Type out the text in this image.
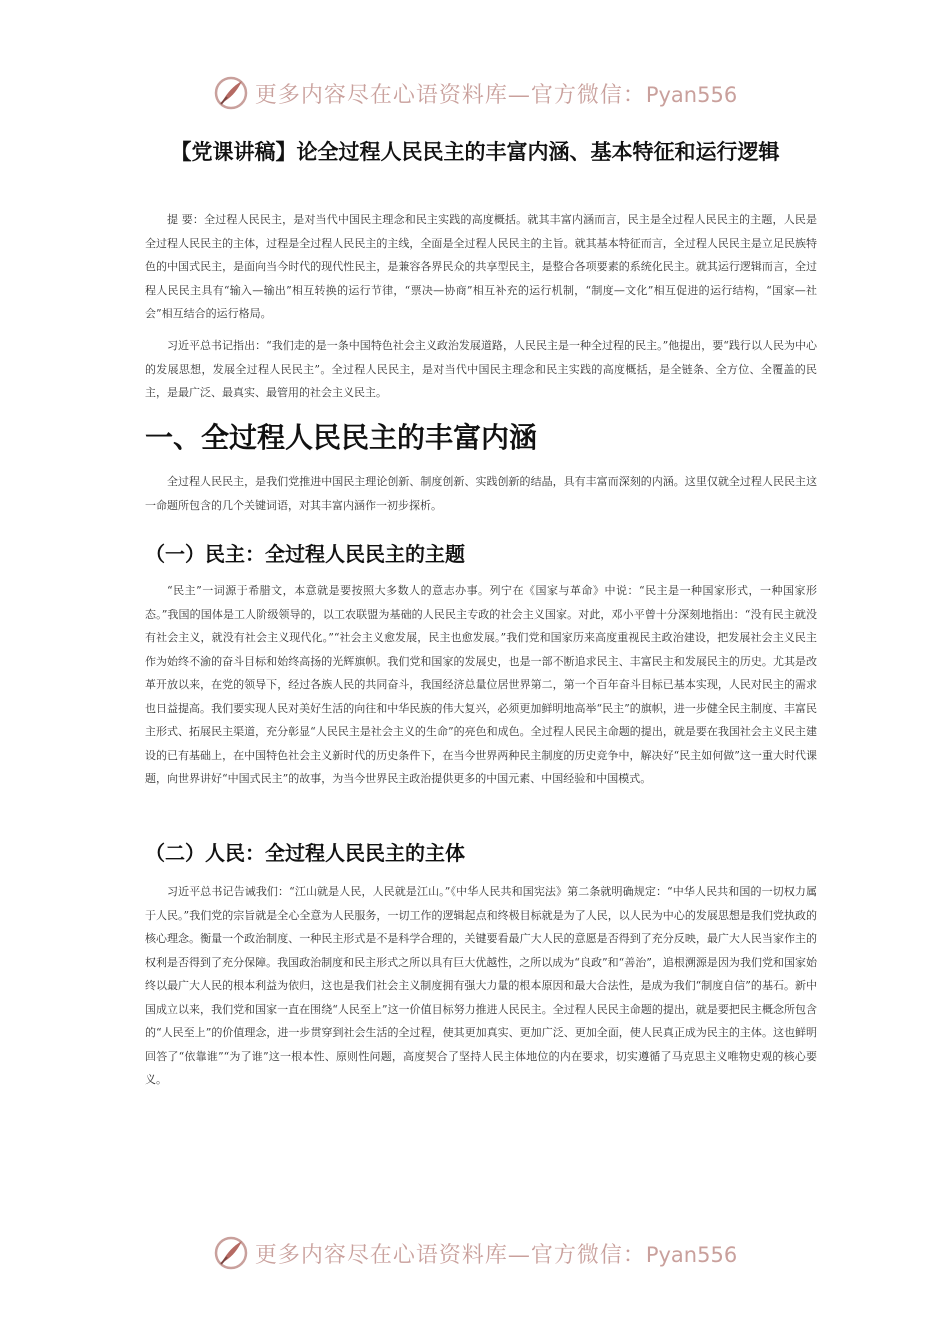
更多内容尽在心语资料库—官方微信：Pyan556
【党课讲稿】论全过程人民民主的丰富内涵、基本特征和运行逻辑

提 要：全过程人民民主，是对当代中国民主理念和民主实践的高度概括。就其丰富内涵而言，民主是全过程人民民主的主题，人民是全过程人民民主的主体，过程是全过程人民民主的主线，全面是全过程人民民主的主旨。就其基本特征而言，全过程人民民主是立足民族特色的中国式民主，是面向当今时代的现代性民主，是兼容各界民众的共享型民主，是整合各项要素的系统化民主。就其运行逻辑而言，全过程人民民主具有“输入—输出”相互转换的运行节律，“票决—协商”相互补充的运行机制，“制度—文化”相互促进的运行结构，“国家—社会”相互结合的运行格局。

习近平总书记指出：“我们走的是一条中国特色社会主义政治发展道路，人民民主是一种全过程的民主。”他提出，要“践行以人民为中心的发展思想，发展全过程人民民主”。全过程人民民主，是对当代中国民主理念和民主实践的高度概括，是全链条、全方位、全覆盖的民主，是最广泛、最真实、最管用的社会主义民主。

一、全过程人民民主的丰富内涵

全过程人民民主，是我们党推进中国民主理论创新、制度创新、实践创新的结晶，具有丰富而深刻的内涵。这里仅就全过程人民民主这一命题所包含的几个关键词语，对其丰富内涵作一初步探析。

（一）民主：全过程人民民主的主题

“民主”一词源于希腊文，本意就是要按照大多数人的意志办事。列宁在《国家与革命》中说：“民主是一种国家形式，一种国家形态。”我国的国体是工人阶级领导的，以工农联盟为基础的人民民主专政的社会主义国家。对此，邓小平曾十分深刻地指出：“没有民主就没有社会主义，就没有社会主义现代化。”“社会主义愈发展，民主也愈发展。”我们党和国家历来高度重视民主政治建设，把发展社会主义民主作为始终不渝的奋斗目标和始终高扬的光辉旗帜。我们党和国家的发展史，也是一部不断追求民主、丰富民主和发展民主的历史。尤其是改革开放以来，在党的领导下，经过各族人民的共同奋斗，我国经济总量位居世界第二，第一个百年奋斗目标已基本实现，人民对民主的需求也日益提高。我们要实现人民对美好生活的向往和中华民族的伟大复兴，必须更加鲜明地高举“民主”的旗帜，进一步健全民主制度、丰富民主形式、拓展民主渠道，充分彰显“人民民主是社会主义的生命”的亮色和成色。全过程人民民主命题的提出，就是要在我国社会主义民主建设的已有基础上，在中国特色社会主义新时代的历史条件下，在当今世界两种民主制度的历史竞争中，解决好“民主如何做”这一重大时代课题，向世界讲好“中国式民主”的故事，为当今世界民主政治提供更多的中国元素、中国经验和中国模式。

（二）人民：全过程人民民主的主体

习近平总书记告诫我们：“江山就是人民，人民就是江山。”《中华人民共和国宪法》第二条就明确规定：“中华人民共和国的一切权力属于人民。”我们党的宗旨就是全心全意为人民服务，一切工作的逻辑起点和终极目标就是为了人民，以人民为中心的发展思想是我们党执政的核心理念。衡量一个政治制度、一种民主形式是不是科学合理的，关键要看最广大人民的意愿是否得到了充分反映，最广大人民当家作主的权利是否得到了充分保障。我国政治制度和民主形式之所以具有巨大优越性，之所以成为“良政”和“善治”，追根溯源是因为我们党和国家始终以最广大人民的根本利益为依归，这也是我们社会主义制度拥有强大力量的根本原因和最大合法性，是成为我们“制度自信”的基石。新中国成立以来，我们党和国家一直在围绕“人民至上”这一价值目标努力推进人民民主。全过程人民民主命题的提出，就是要把民主概念所包含的“人民至上”的价值理念，进一步贯穿到社会生活的全过程，使其更加真实、更加广泛、更加全面，使人民真正成为民主的主体。这也鲜明回答了“依靠谁”“为了谁”这一根本性、原则性问题，高度契合了坚持人民主体地位的内在要求，切实遵循了马克思主义唯物史观的核心要义。

更多内容尽在心语资料库—官方微信：Pyan556
